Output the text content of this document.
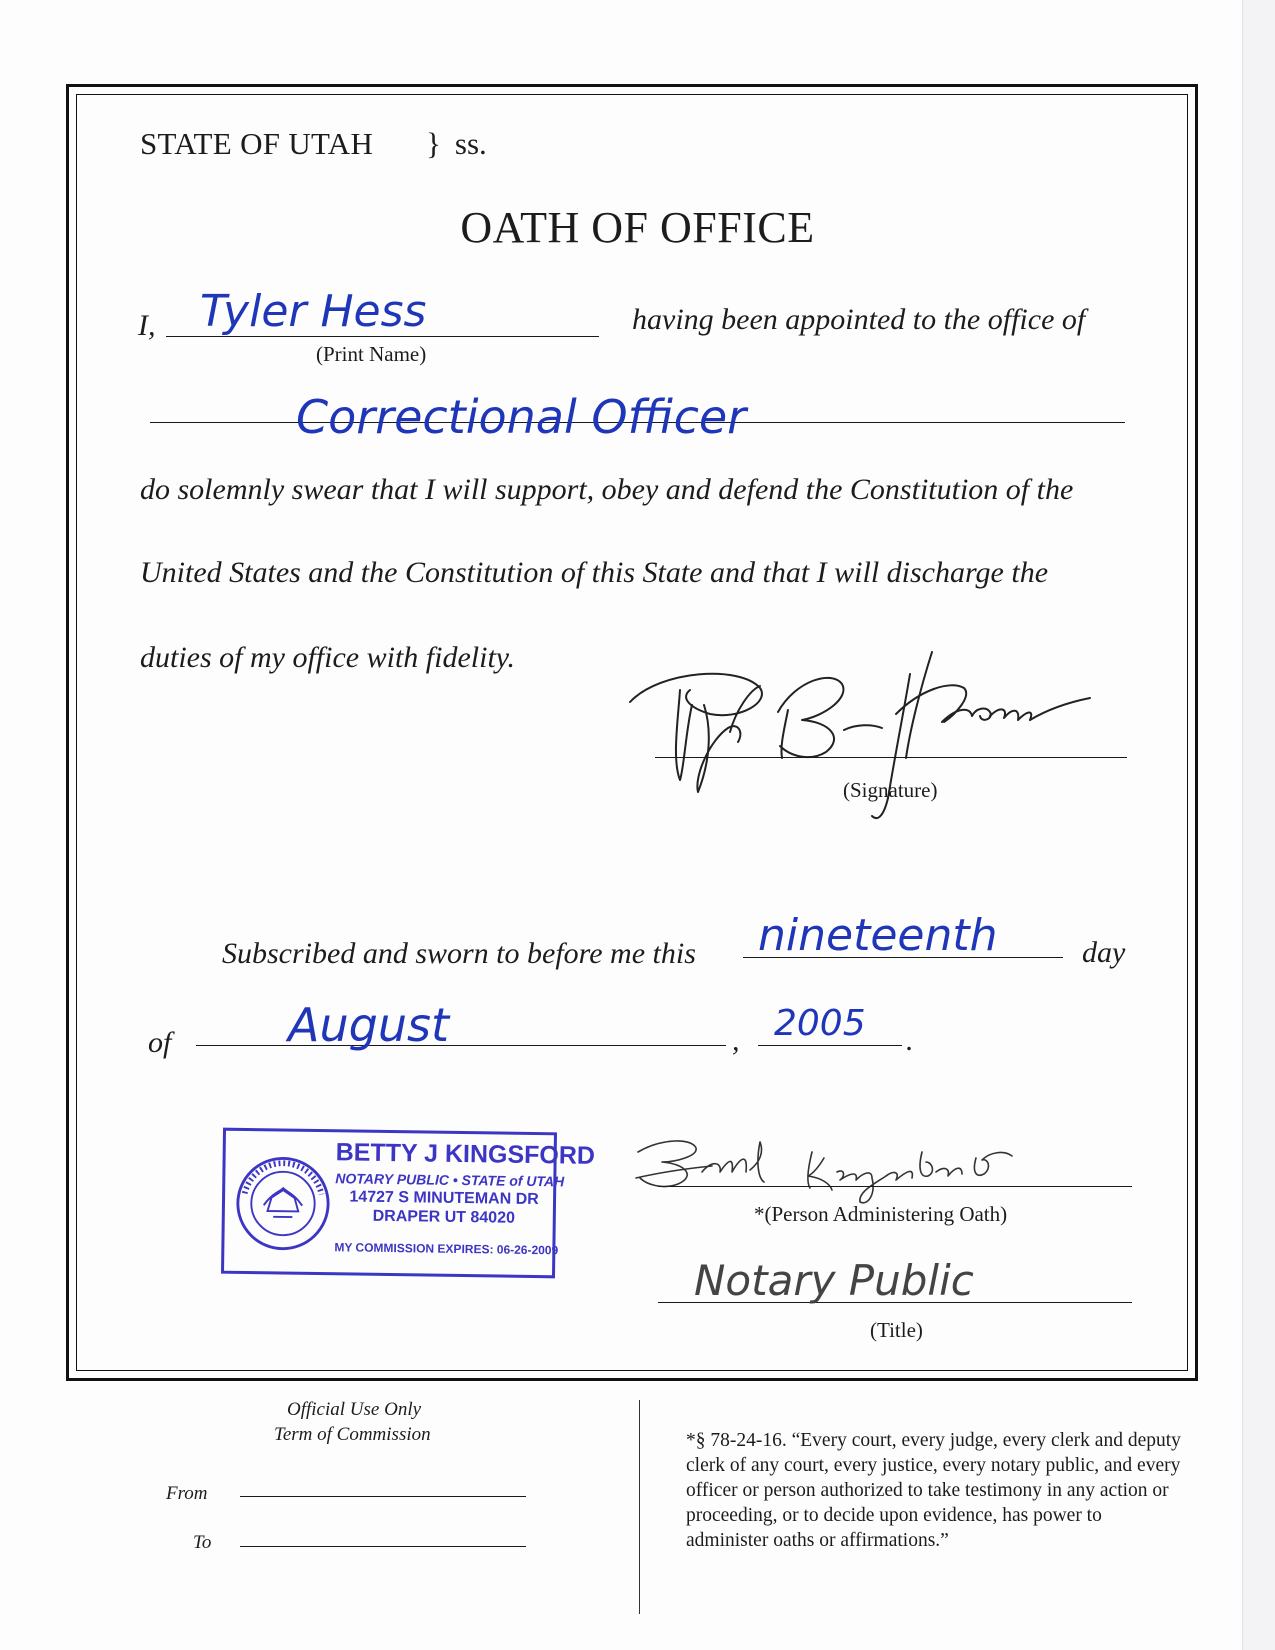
STATE OF UTAH } ss.
OATH OF OFFICE
I, Tyler Hess
(Print Name)
having been appointed to the office of
Correctional Officer
do solemnly swear that I will support, obey and defend the Constitution of the
United States and the Constitution of this State and that I will discharge the
duties of my office with fidelity.
(Signature)
Subscribed and sworn to before me this nineteenth	day
of	August	, 2005 .
BETTY J KINGSFORD
NOTARY PUBLIC • STATE of UTAH
14727 S MINUTEMAN DR
DRAPER UT 84020
MY COMMISSION EXPIRES: 06-26-2009
*(Person Administering Oath)
Notary Public
(Title)
Official Use Only
Term of Commission
From
To
*§ 78-24-16. “Every court, every judge, every clerk and deputy clerk of any court, every justice, every notary public, and every officer or person authorized to take testimony in any action or proceeding, or to decide upon evidence, has power to administer oaths or affirmations.”
